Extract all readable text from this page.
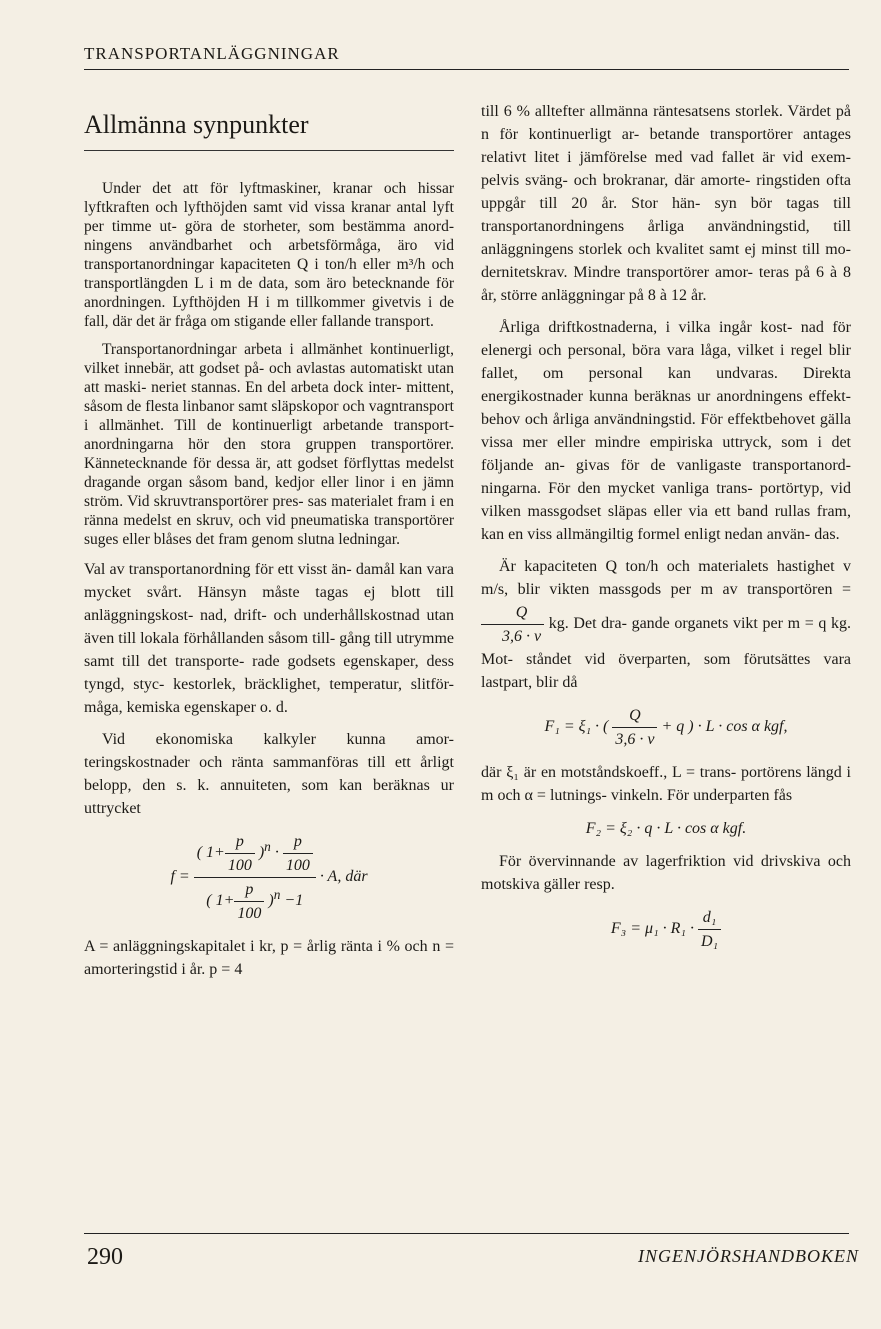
TRANSPORTANLÄGGNINGAR
Allmänna synpunkter

Under det att för lyftmaskiner, kranar och hissar lyftkraften och lyfthöjden samt vid vissa kranar antal lyft per timme ut- göra de storheter, som bestämma anord- ningens användbarhet och arbetsförmåga, äro vid transportanordningar kapaciteten Q i ton/h eller m³/h och transportlängden L i m de data, som äro betecknande för anordningen. Lyfthöjden H i m tillkommer givetvis i de fall, där det är fråga om stigande eller fallande transport.

Transportanordningar arbeta i allmänhet kontinuerligt, vilket innebär, att godset på- och avlastas automatiskt utan att maski- neriet stannas. En del arbeta dock inter- mittent, såsom de flesta linbanor samt släpskopor och vagntransport i allmänhet. Till de kontinuerligt arbetande transport- anordningarna hör den stora gruppen transportörer. Kännetecknande för dessa är, att godset förflyttas medelst dragande organ såsom band, kedjor eller linor i en jämn ström. Vid skruvtransportörer pres- sas materialet fram i en ränna medelst en skruv, och vid pneumatiska transportörer suges eller blåses det fram genom slutna ledningar.

Val av transportanordning för ett visst än- damål kan vara mycket svårt. Hänsyn måste tagas ej blott till anläggningskost- nad, drift- och underhållskostnad utan även till lokala förhållanden såsom till- gång till utrymme samt till det transporte- rade godsets egenskaper, dess tyngd, styc- kestorlek, bräcklighet, temperatur, slitför- måga, kemiska egenskaper o. d.

Vid ekonomiska kalkyler kunna amor- teringskostnader och ränta sammanföras till ett årligt belopp, den s. k. annuiteten, som kan beräknas ur uttrycket

$f = \frac{( 1+ \frac{p}{100} )^n \cdot \frac{p}{100}}{( 1+ \frac{p}{100} )^n -1} \cdot A$, där

A = anläggningskapitalet i kr, p = årlig ränta i % och n = amorteringstid i år. p = 4

till 6 % alltefter allmänna räntesatsens storlek. Värdet på n för kontinuerligt ar- betande transportörer antages relativt litet i jämförelse med vad fallet är vid exem- pelvis sväng- och brokranar, där amorte- ringstiden ofta uppgår till 20 år. Stor hän- syn bör tagas till transportanordningens årliga användningstid, till anläggningens storlek och kvalitet samt ej minst till mo- dernitetskrav. Mindre transportörer amor- teras på 6 à 8 år, större anläggningar på 8 à 12 år.

Årliga driftkostnaderna, i vilka ingår kost- nad för elenergi och personal, böra vara låga, vilket i regel blir fallet, om personal kan undvaras. Direkta energikostnader kunna beräknas ur anordningens effekt- behov och årliga användningstid. För effektbehovet gälla vissa mer eller mindre empiriska uttryck, som i det följande an- givas för de vanligaste transportanord- ningarna. För den mycket vanliga trans- portörtyp, vid vilken massgodset släpas eller via ett band rullas fram, kan en viss allmängiltig formel enligt nedan använ- das.

Är kapaciteten Q ton/h och materialets hastighet v m/s, blir vikten massgods per m av transportören =
$\frac{Q}{3,6 \cdot v}$ kg. Det dra- gande organets vikt per m = q kg. Mot- ståndet vid överparten, som förutsättes vara lastpart, blir då

F₁ = ξ₁ · ( $\frac{Q}{3,6 \cdot v} + q$ ) · L · cos α kgf,

där ξ₁ är en motståndskoeff., L = trans- portörens längd i m och α = lutnings- vinkeln. För underparten fås

F₂ = ξ₂ · q · L · cos α kgf.

För övervinnande av lagerfriktion vid drivskiva och motskiva gäller resp.

$F_3 = \mu_1 \cdot R_1 \cdot \frac{\text{d₁}}{\text{D₁}}$
290	INGENJÖRSHANDBOKEN
